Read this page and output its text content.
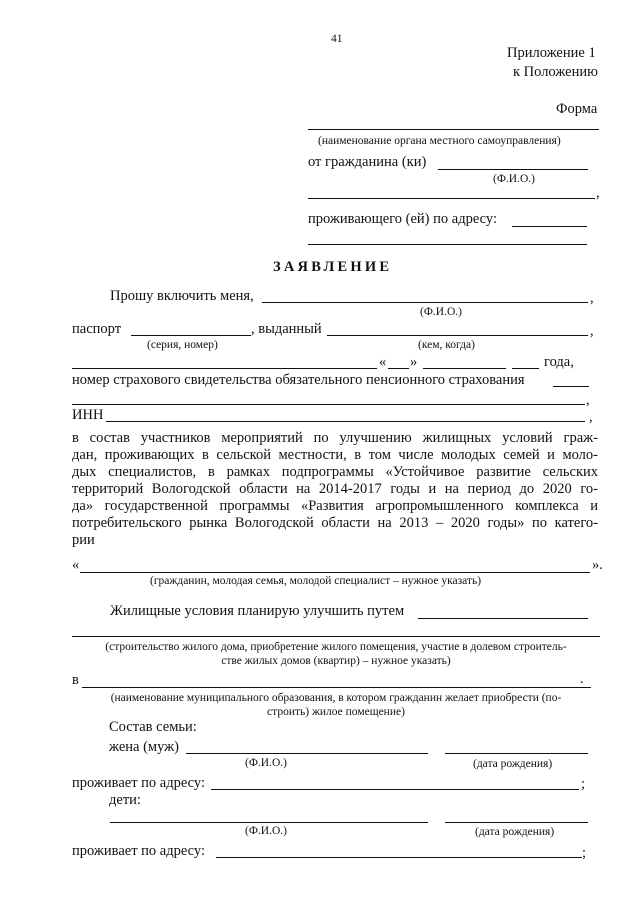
41
Приложение 1
к Положению
Форма
(наименование органа местного самоуправления)
от гражданина (ки)
(Ф.И.О.)
,
проживающего (ей) по адресу:
ЗАЯВЛЕНИЕ
Прошу включить меня,	,
(Ф.И.О.)
паспорт	, выданный	,
(серия, номер)	(кем, когда)
« »	года,
номер страхового свидетельства обязательного пенсионного страхования
,
ИНН	,
в состав участников мероприятий по улучшению жилищных условий граж-
дан, проживающих в сельской местности, в том числе молодых семей и моло-
дых специалистов, в рамках подпрограммы «Устойчивое развитие сельских
территорий Вологодской области на 2014-2017 годы и на период до 2020 го-
да» государственной программы «Развития агропромышленного комплекса и
потребительского рынка Вологодской области на 2013 – 2020 годы» по катего-
рии
«	».
(гражданин, молодая семья, молодой специалист – нужное указать)
Жилищные условия планирую улучшить путем
(строительство жилого дома, приобретение жилого помещения, участие в долевом строитель-
стве жилых домов (квартир) – нужное указать)
в	.
(наименование муниципального образования, в котором гражданин желает приобрести (по-
строить) жилое помещение)
Состав семьи:
жена (муж)
(Ф.И.О.)	(дата рождения)
проживает по адресу:	;
дети:
(Ф.И.О.)	(дата рождения)
проживает по адресу:	;
